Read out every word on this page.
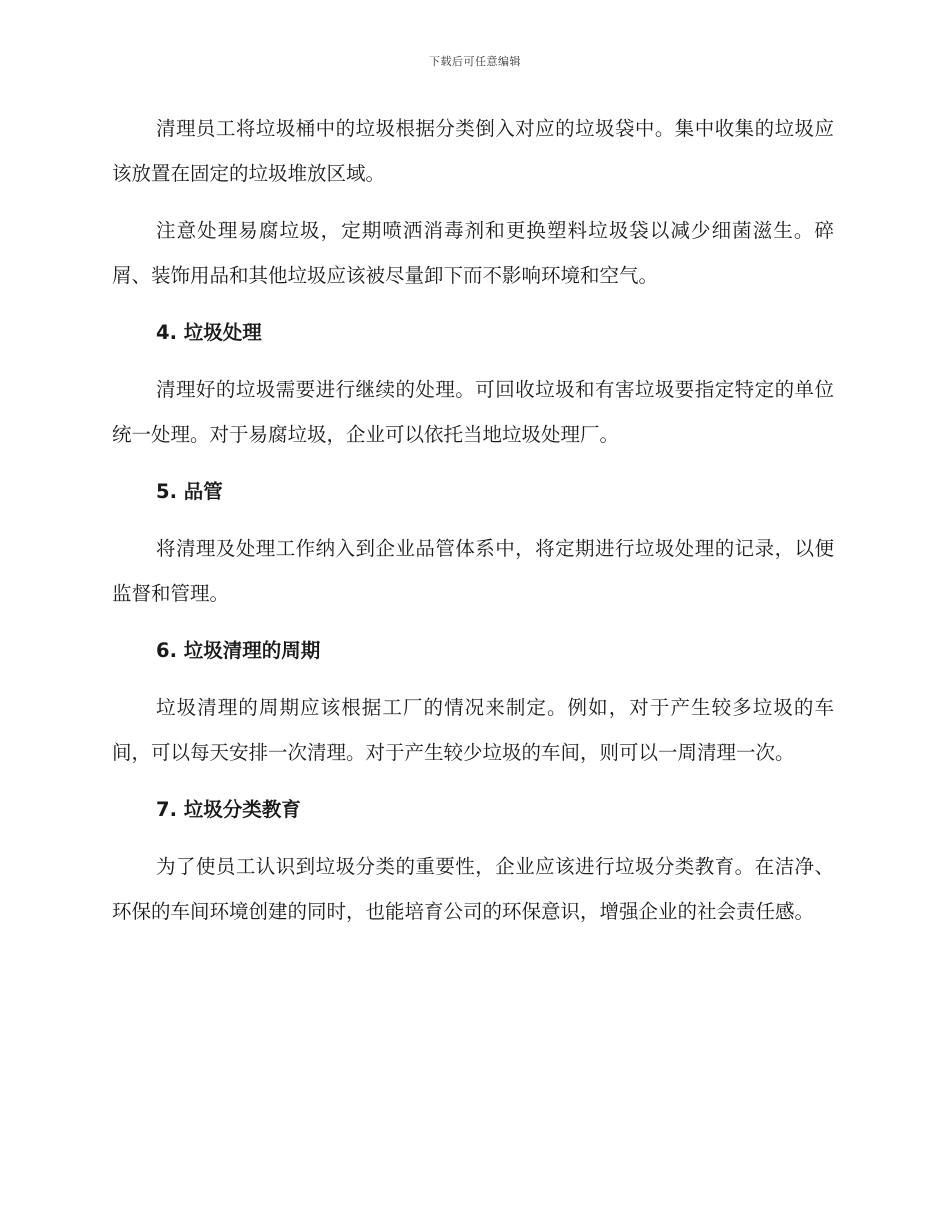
下载后可任意编辑

清理员工将垃圾桶中的垃圾根据分类倒入对应的垃圾袋中。集中收集的垃圾应该放置在固定的垃圾堆放区域。

注意处理易腐垃圾，定期喷洒消毒剂和更换塑料垃圾袋以减少细菌滋生。碎屑、装饰用品和其他垃圾应该被尽量卸下而不影响环境和空气。

4. 垃圾处理

清理好的垃圾需要进行继续的处理。可回收垃圾和有害垃圾要指定特定的单位统一处理。对于易腐垃圾，企业可以依托当地垃圾处理厂。

5. 品管

将清理及处理工作纳入到企业品管体系中，将定期进行垃圾处理的记录，以便监督和管理。

6. 垃圾清理的周期

垃圾清理的周期应该根据工厂的情况来制定。例如，对于产生较多垃圾的车间，可以每天安排一次清理。对于产生较少垃圾的车间，则可以一周清理一次。

7. 垃圾分类教育

为了使员工认识到垃圾分类的重要性，企业应该进行垃圾分类教育。在洁净、环保的车间环境创建的同时，也能培育公司的环保意识，增强企业的社会责任感。
